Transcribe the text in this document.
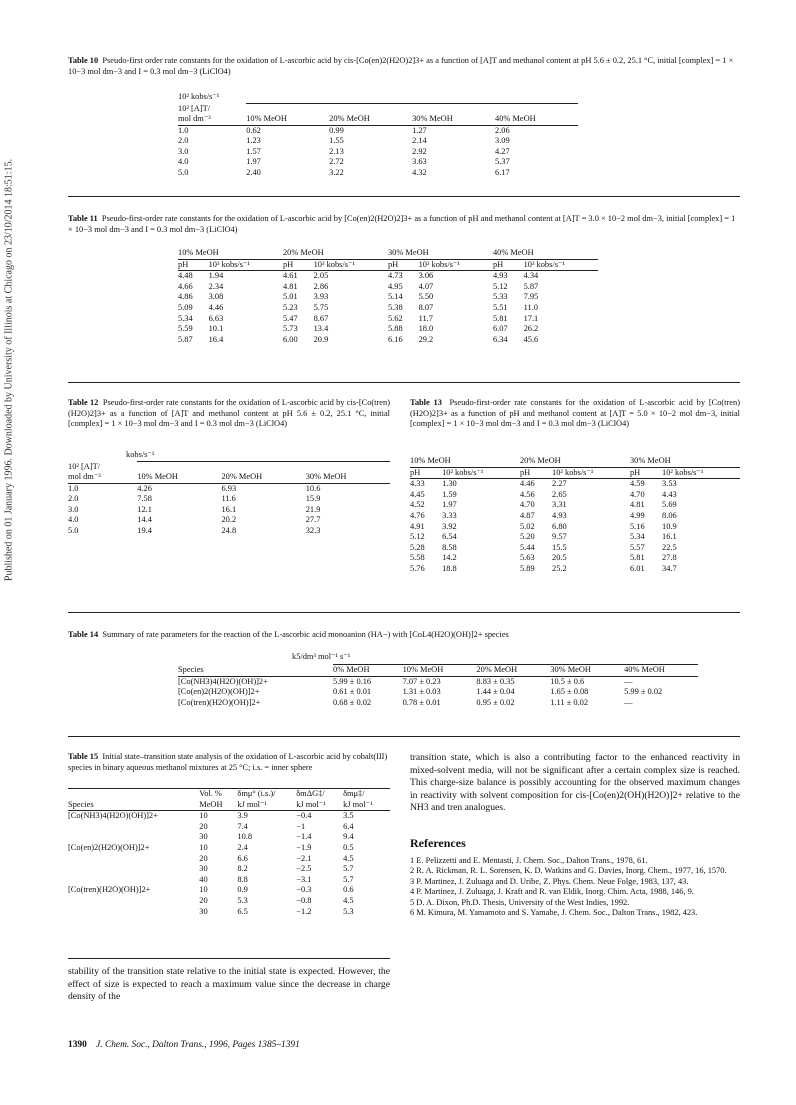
Published on 01 January 1996. Downloaded by University of Illinois at Chicago on 23/10/2014 18:51:15.
Table 10 Pseudo-first order rate constants for the oxidation of L-ascorbic acid by cis-[Co(en)2(H2O)2]3+ as a function of [A]T and methanol content at pH 5.6 ± 0.2, 25.1 °C, initial [complex] = 1 × 10−3 mol dm−3 and I = 0.3 mol dm−3 (LiClO4)
10² kobs/s⁻¹
10² [A]T/				
mol dm⁻³	10% MeOH	20% MeOH	30% MeOH	40% MeOH
1.0	0.62	0.99	1.27	2.06
2.0	1.23	1.55	2.14	3.09
3.0	1.57	2.13	2.92	4.27
4.0	1.97	2.72	3.63	5.37
5.0	2.40	3.22	4.32	6.17
Table 11 Pseudo-first-order rate constants for the oxidation of L-ascorbic acid by [Co(en)2(H2O)2]3+ as a function of pH and methanol content at [A]T = 3.0 × 10−2 mol dm−3, initial [complex] = 1 × 10−3 mol dm−3 and I = 0.3 mol dm−3 (LiClO4)
10% MeOH		20% MeOH		30% MeOH		40% MeOH	

pH	10³ kobs/s⁻¹	pH	10³ kobs/s⁻¹	pH	10³ kobs/s⁻¹	pH	10³ kobs/s⁻¹
4.48	1.94	4.61	2.05	4.73	3.06	4.93	4.34
4.66	2.34	4.81	2.86	4.95	4.07	5.12	5.87
4.86	3.08	5.01	3.93	5.14	5.50	5.33	7.95
5.09	4.46	5.23	5.75	5.38	8.07	5.51	11.0
5.34	6.63	5.47	8.67	5.62	11.7	5.81	17.1
5.59	10.1	5.73	13.4	5.88	18.0	6.07	26.2
5.87	16.4	6.00	20.9	6.16	29.2	6.34	45.6
Table 12 Pseudo-first-order rate constants for the oxidation of L-ascorbic acid by cis-[Co(tren)(H2O)2]3+ as a function of [A]T and methanol content at pH 5.6 ± 0.2, 25.1 °C, initial [complex] = 1 × 10−3 mol dm−3 and I = 0.3 mol dm−3 (LiClO4)
kobs/s⁻¹
10² [A]T/			
mol dm⁻³	10% MeOH	20% MeOH	30% MeOH
1.0	4.26	6.93	10.6
2.0	7.58	11.6	15.9
3.0	12.1	16.1	21.9
4.0	14.4	20.2	27.7
5.0	19.4	24.8	32.3
Table 13 Pseudo-first-order rate constants for the oxidation of L-ascorbic acid by [Co(tren)(H2O)2]3+ as a function of pH and methanol content at [A]T = 5.0 × 10−2 mol dm−3, initial [complex] = 1 × 10−3 mol dm−3 and I = 0.3 mol dm−3 (LiClO4)
10% MeOH		20% MeOH		30% MeOH	

pH	10² kobs/s⁻¹	pH	10² kobs/s⁻¹	pH	10² kobs/s⁻¹
4.33	1.30	4.46	2.27	4.59	3.53
4.45	1.59	4.56	2.65	4.70	4.43
4.52	1.97	4.70	3.31	4.81	5.69
4.76	3.33	4.87	4.93	4.99	8.06
4.91	3.92	5.02	6.80	5.16	10.9
5.12	6.54	5.20	9.57	5.34	16.1
5.28	8.58	5.44	15.5	5.57	22.5
5.58	14.2	5.63	20.5	5.81	27.8
5.76	18.8	5.89	25.2	6.01	34.7
Table 14 Summary of rate parameters for the reaction of the L-ascorbic acid monoanion (HA−) with [CoL4(H2O)(OH)]2+ species
k5/dm³ mol⁻¹ s⁻¹

Species	0% MeOH	10% MeOH	20% MeOH	30% MeOH	40% MeOH
[Co(NH3)4(H2O)(OH)]2+	5.99 ± 0.16	7.07 ± 0.23	8.83 ± 0.35	10.5 ± 0.6	—
[Co(en)2(H2O)(OH)]2+	0.61 ± 0.01	1.31 ± 0.03	1.44 ± 0.04	1.65 ± 0.08	5.99 ± 0.02
[Co(tren)(H2O)(OH)]2+	0.68 ± 0.02	0.78 ± 0.01	0.95 ± 0.02	1.11 ± 0.02	—
Table 15 Initial state–transition state analysis of the oxidation of L-ascorbic acid by cobalt(III) species in binary aqueous methanol mixtures at 25 °C; i.s. = inner sphere
	Vol. %	δmμ° (i.s.)/	δmΔG‡/	δmμ‡/
Species	MeOH	kJ mol⁻¹	kJ mol⁻¹	kJ mol⁻¹
[Co(NH3)4(H2O)(OH)]2+	10	3.9	−0.4	3.5
	20	7.4	−1	6.4
	30	10.8	−1.4	9.4
[Co(en)2(H2O)(OH)]2+	10	2.4	−1.9	0.5
	20	6.6	−2.1	4.5
	30	8.2	−2.5	5.7
	40	8.8	−3.1	5.7
[Co(tren)(H2O)(OH)]2+	10	0.9	−0.3	0.6
	20	5.3	−0.8	4.5
	30	6.5	−1.2	5.3
stability of the transition state relative to the initial state is expected. However, the effect of size is expected to reach a maximum value since the decrease in charge density of the
transition state, which is also a contributing factor to the enhanced reactivity in mixed-solvent media, will not be significant after a certain complex size is reached. This charge-size balance is possibly accounting for the observed maximum changes in reactivity with solvent composition for cis-[Co(en)2(OH)(H2O)]2+ relative to the NH3 and tren analogues.
References
1 E. Pelizzetti and E. Mentasti, J. Chem. Soc., Dalton Trans., 1978, 61.
2 R. A. Rickman, R. L. Sorensen, K. D. Watkins and G. Davies, Inorg. Chem., 1977, 16, 1570.
3 P. Martinez, J. Zuluaga and D. Uribe, Z. Phys. Chem. Neue Folge, 1983, 137, 43.
4 P. Martinez, J. Zuluaga, J. Kraft and R. van Eldik, Inorg. Chim. Acta, 1988, 146, 9.
5 D. A. Dixon, Ph.D. Thesis, University of the West Indies, 1992.
6 M. Kimura, M. Yamamoto and S. Yamabe, J. Chem. Soc., Dalton Trans., 1982, 423.
1390 J. Chem. Soc., Dalton Trans., 1996, Pages 1385–1391
